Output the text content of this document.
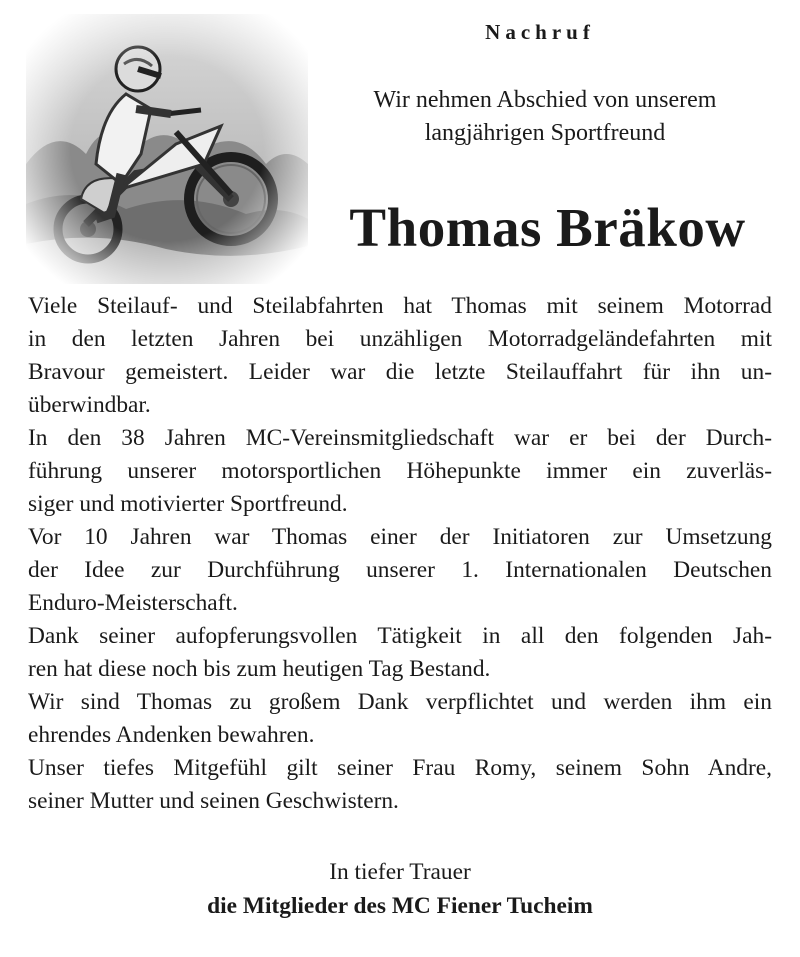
Nachruf
Wir nehmen Abschied von unserem
langjährigen Sportfreund
Thomas Bräkow

Viele Steilauf- und Steilabfahrten hat Thomas mit seinem Motorrad
in den letzten Jahren bei unzähligen Motorradgeländefahrten mit
Bravour gemeistert. Leider war die letzte Steilauffahrt für ihn un-
überwindbar.

In den 38 Jahren MC-Vereinsmitgliedschaft war er bei der Durch-
führung unserer motorsportlichen Höhepunkte immer ein zuverläs-
siger und motivierter Sportfreund.

Vor 10 Jahren war Thomas einer der Initiatoren zur Umsetzung
der Idee zur Durchführung unserer 1. Internationalen Deutschen
Enduro-Meisterschaft.

Dank seiner aufopferungsvollen Tätigkeit in all den folgenden Jah-
ren hat diese noch bis zum heutigen Tag Bestand.

Wir sind Thomas zu großem Dank verpflichtet und werden ihm ein
ehrendes Andenken bewahren.

Unser tiefes Mitgefühl gilt seiner Frau Romy, seinem Sohn Andre,
seiner Mutter und seinen Geschwistern.

In tiefer Trauer
die Mitglieder des MC Fiener Tucheim
